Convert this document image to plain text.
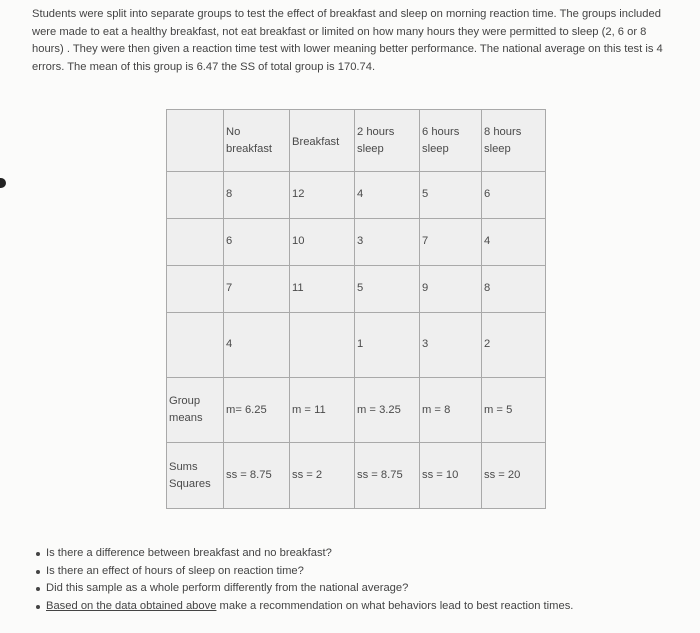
Students were split into separate groups to test the effect of breakfast and sleep on morning reaction time. The groups included were made to eat a healthy breakfast, not eat breakfast or limited on how many hours they were permitted to sleep (2, 6 or 8 hours) . They were then given a reaction time test with lower meaning better performance. The national average on this test is 4 errors. The mean of this group is 6.47 the SS of total group is 170.74.

	No breakfast	Breakfast	2 hours sleep	6 hours sleep	8 hours sleep

	8	12	4	5	6

	6	10	3	7	4

	7	11	5	9	8

	4		1	3	2

Group means	m= 6.25	m = 11	m = 3.25	m = 8	m = 5

Sums Squares	ss = 8.75	ss = 2	ss = 8.75	ss = 10	ss = 20
Is there a difference between breakfast and no breakfast?
Is there an effect of hours of sleep on reaction time?
Did this sample as a whole perform differently from the national average?
Based on the data obtained above make a recommendation on what behaviors lead to best reaction times.
